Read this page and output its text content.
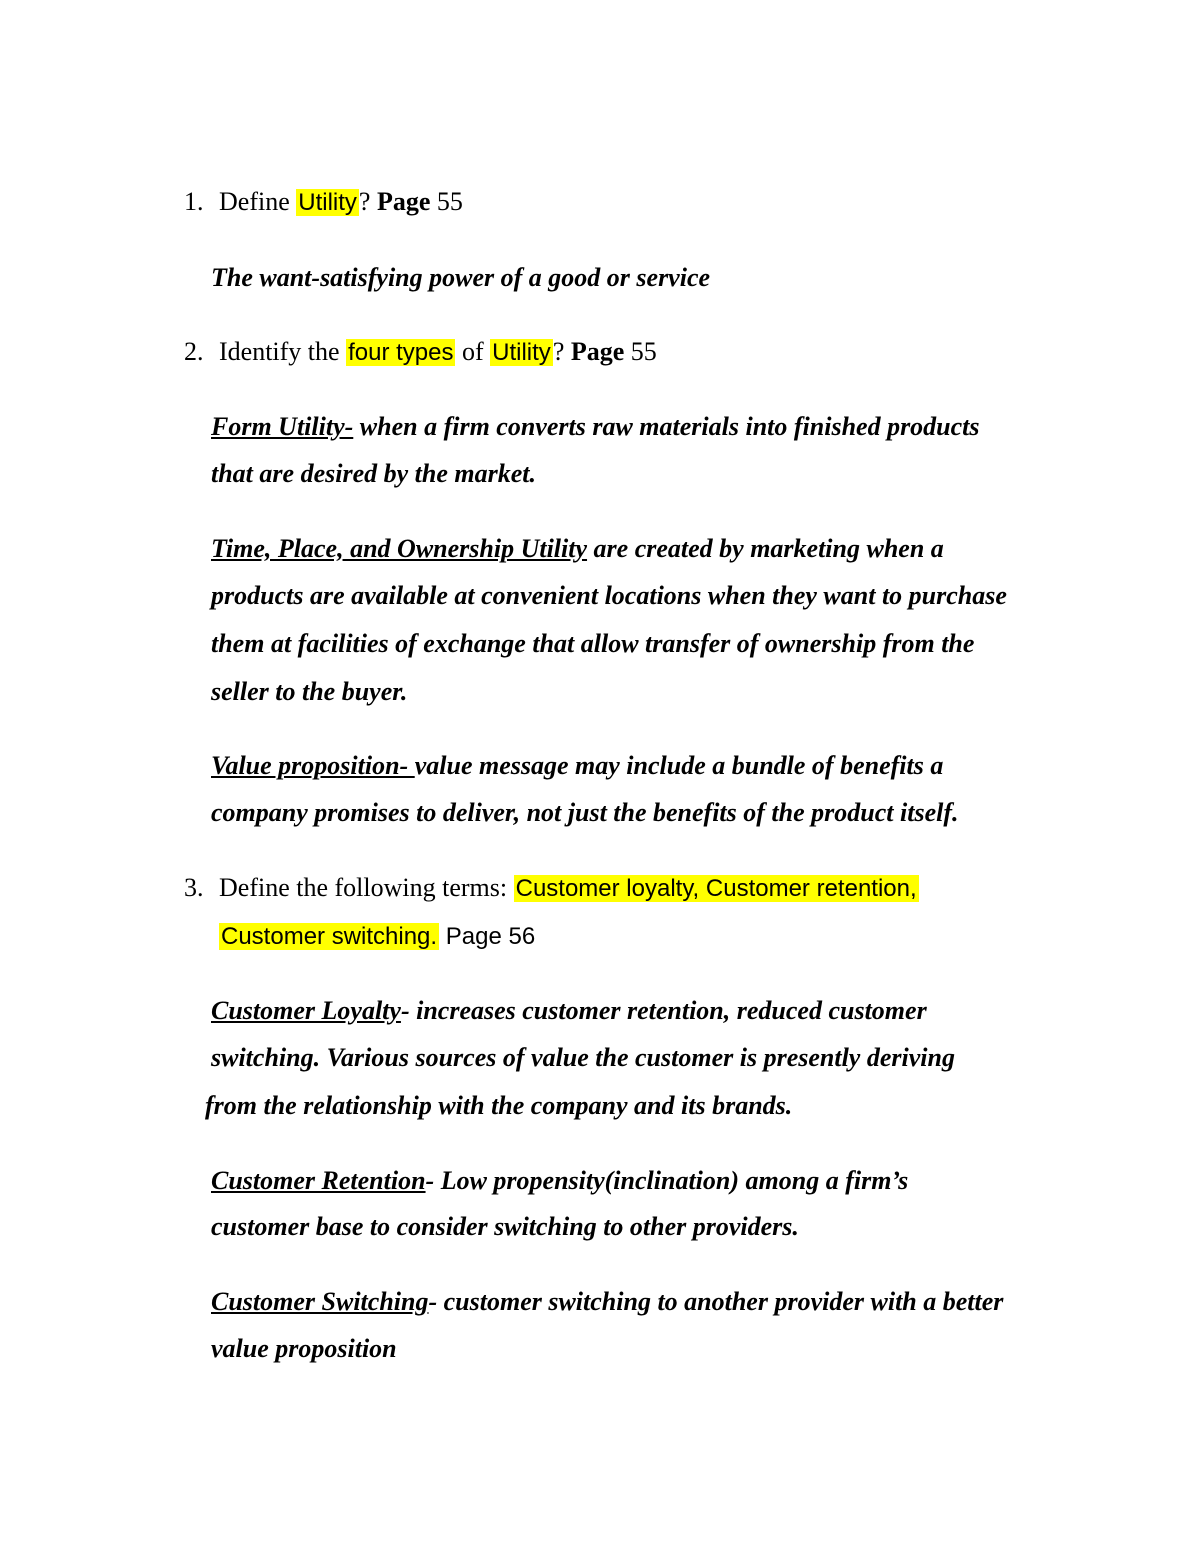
1. Define Utility? Page 55
The want-satisfying power of a good or service
2. Identify the four types of Utility? Page 55
Form Utility- when a firm converts raw materials into finished products
that are desired by the market.
Time, Place, and Ownership Utility are created by marketing when a
products are available at convenient locations when they want to purchase
them at facilities of exchange that allow transfer of ownership from the
seller to the buyer.
Value proposition- value message may include a bundle of benefits a
company promises to deliver, not just the benefits of the product itself.
3. Define the following terms: Customer loyalty, Customer retention,
Customer switching. Page 56
Customer Loyalty- increases customer retention, reduced customer
switching. Various sources of value the customer is presently deriving
from the relationship with the company and its brands.
Customer Retention- Low propensity(inclination) among a firm’s
customer base to consider switching to other providers.
Customer Switching- customer switching to another provider with a better
value proposition
